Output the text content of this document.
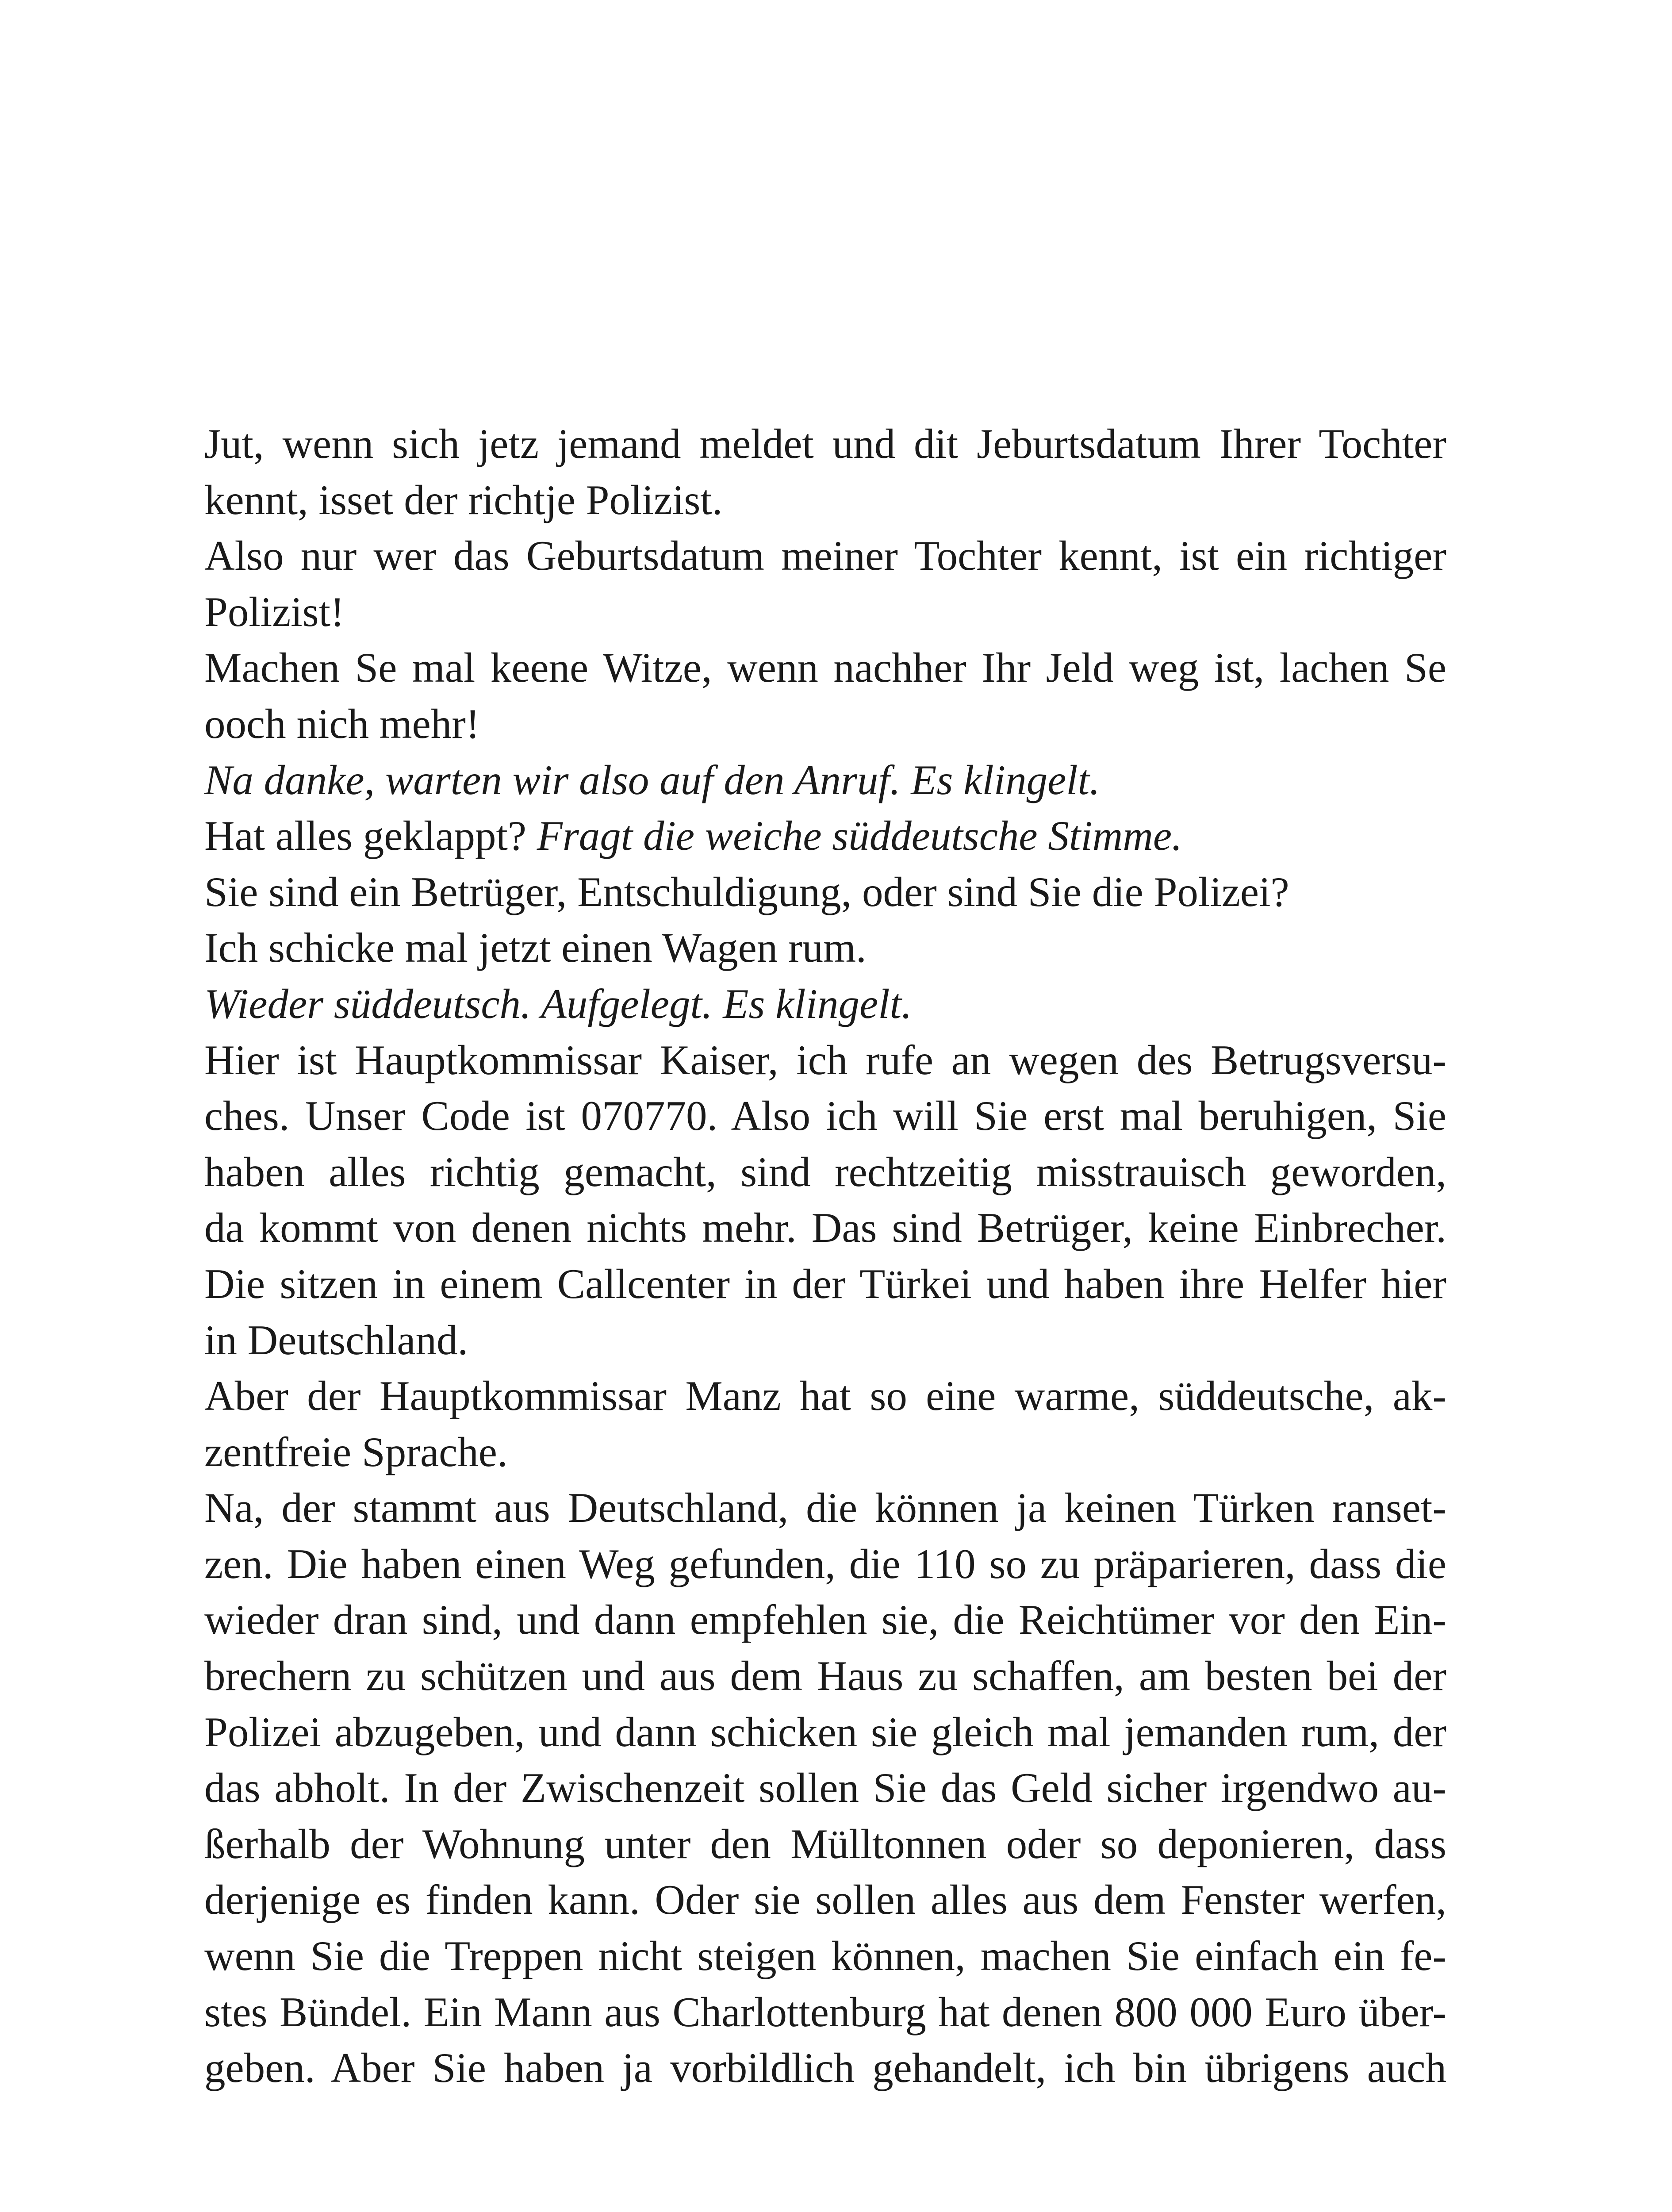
Jut, wenn sich jetz jemand meldet und dit Jeburtsdatum Ihrer Tochter
kennt, isset der richtje Polizist.
Also nur wer das Geburtsdatum meiner Tochter kennt, ist ein richtiger
Polizist!
Machen Se mal keene Witze, wenn nachher Ihr Jeld weg ist, lachen Se
ooch nich mehr!
Na danke, warten wir also auf den Anruf. Es klingelt.
Hat alles geklappt? Fragt die weiche süddeutsche Stimme.
Sie sind ein Betrüger, Entschuldigung, oder sind Sie die Polizei?
Ich schicke mal jetzt einen Wagen rum.
Wieder süddeutsch. Aufgelegt. Es klingelt.
Hier ist Hauptkommissar Kaiser, ich rufe an wegen des Betrugsversu-
ches. Unser Code ist 070770. Also ich will Sie erst mal beruhigen, Sie
haben alles richtig gemacht, sind rechtzeitig misstrauisch geworden,
da kommt von denen nichts mehr. Das sind Betrüger, keine Einbrecher.
Die sitzen in einem Callcenter in der Türkei und haben ihre Helfer hier
in Deutschland.
Aber der Hauptkommissar Manz hat so eine warme, süddeutsche, ak-
zentfreie Sprache.
Na, der stammt aus Deutschland, die können ja keinen Türken ranset-
zen. Die haben einen Weg gefunden, die 110 so zu präparieren, dass die
wieder dran sind, und dann empfehlen sie, die Reichtümer vor den Ein-
brechern zu schützen und aus dem Haus zu schaffen, am besten bei der
Polizei abzugeben, und dann schicken sie gleich mal jemanden rum, der
das abholt. In der Zwischenzeit sollen Sie das Geld sicher irgendwo au-
ßerhalb der Wohnung unter den Mülltonnen oder so deponieren, dass
derjenige es finden kann. Oder sie sollen alles aus dem Fenster werfen,
wenn Sie die Treppen nicht steigen können, machen Sie einfach ein fe-
stes Bündel. Ein Mann aus Charlottenburg hat denen 800 000 Euro über-
geben. Aber Sie haben ja vorbildlich gehandelt, ich bin übrigens auch
